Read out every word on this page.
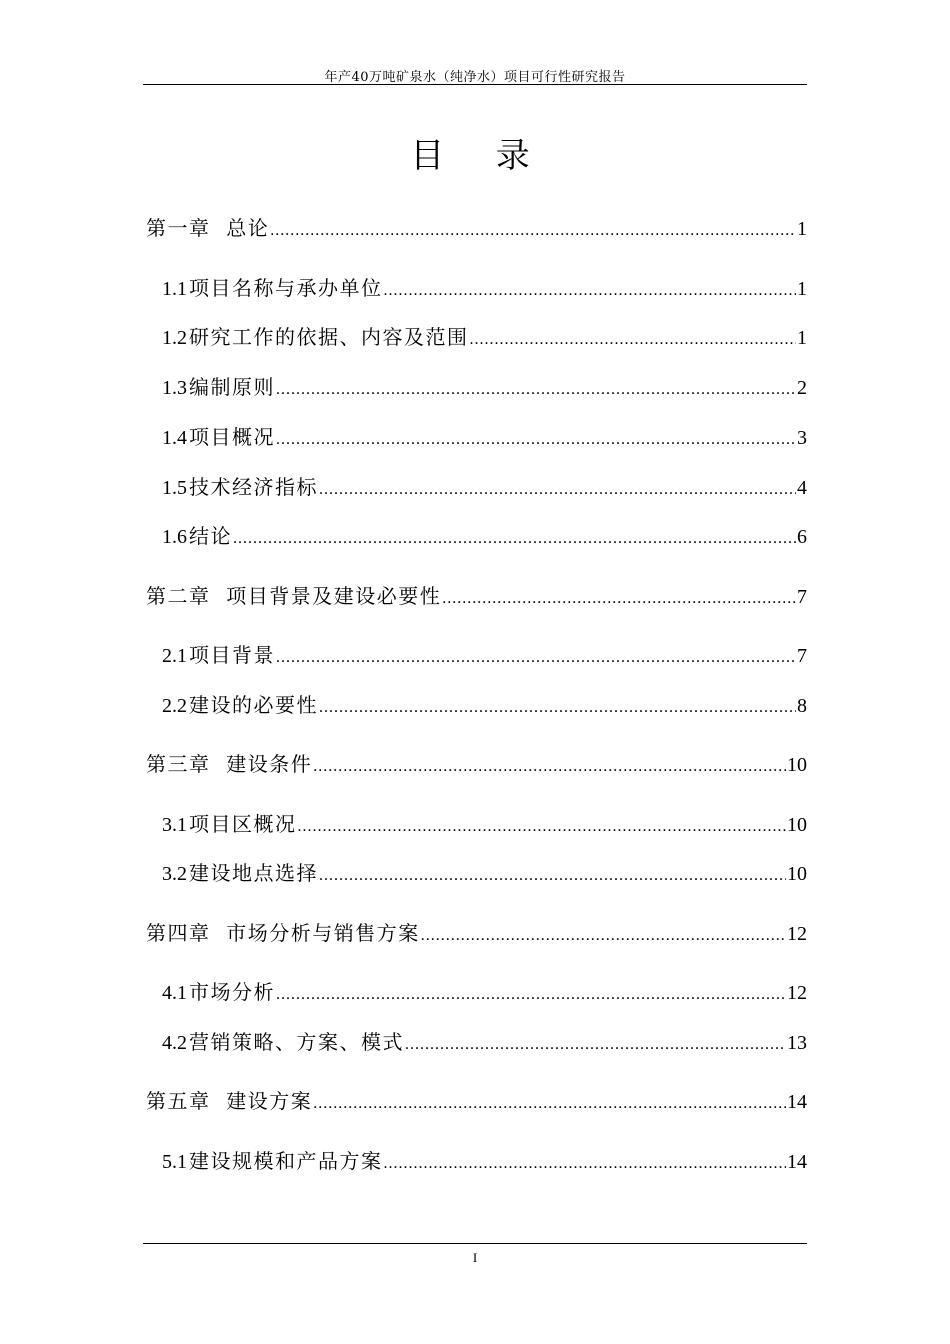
年产40万吨矿泉水（纯净水）项目可行性研究报告
目  录
第一章  总论 .....	1
1.1 项目名称与承办单位 .....	1
1.2 研究工作的依据、内容及范围 .....	1
1.3 编制原则 .....	2
1.4 项目概况 .....	3
1.5 技术经济指标 .....	4
1.6 结论 .....	6
第二章  项目背景及建设必要性 .....	7
2.1 项目背景 .....	7
2.2 建设的必要性 .....	8
第三章  建设条件 .....	10
3.1 项目区概况 .....	10
3.2 建设地点选择 .....	10
第四章  市场分析与销售方案 .....	12
4.1 市场分析 .....	12
4.2 营销策略、方案、模式 .....	13
第五章  建设方案 .....	14
5.1 建设规模和产品方案 .....	14
I
